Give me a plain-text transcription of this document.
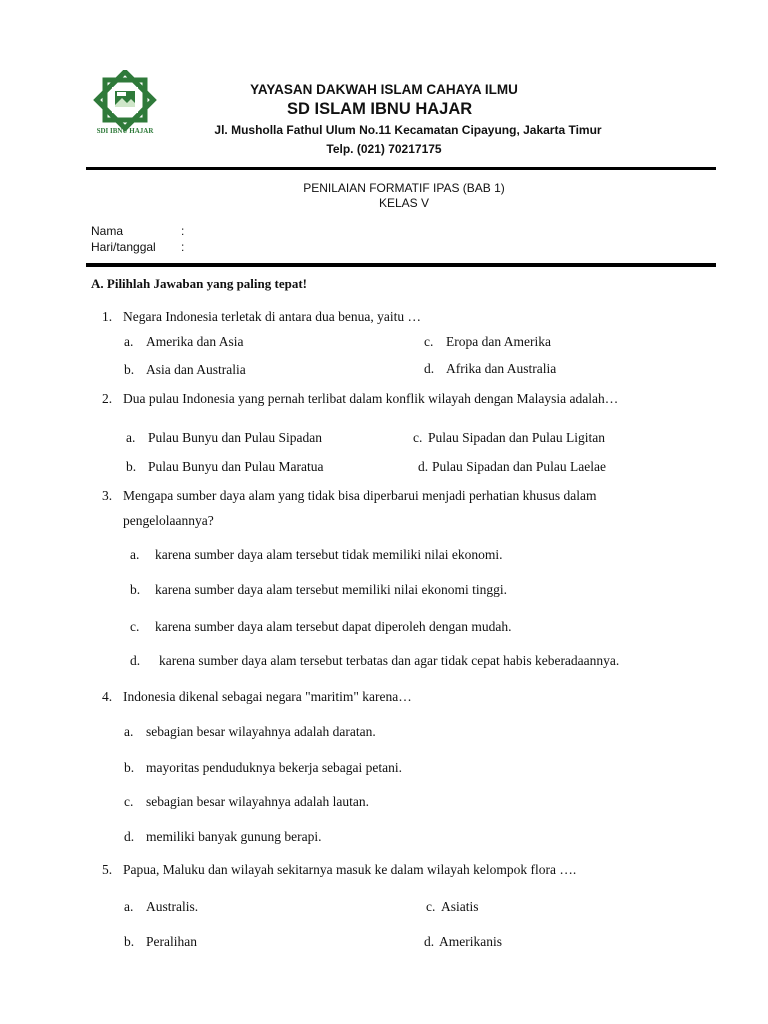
SDI IBNU HAJAR
YAYASAN DAKWAH ISLAM CAHAYA ILMU
SD ISLAM IBNU HAJAR
Jl. Musholla Fathul Ulum No.11 Kecamatan Cipayung, Jakarta Timur
Telp. (021) 70217175
PENILAIAN FORMATIF IPAS (BAB 1)
KELAS V
Nama	:
Hari/tanggal :
A. Pilihlah Jawaban yang paling tepat!
1. Negara Indonesia terletak di antara dua benua, yaitu …
a. Amerika dan Asia	c. Eropa dan Amerika
b. Asia dan Australia	d. Afrika dan Australia
2. Dua pulau Indonesia yang pernah terlibat dalam konflik wilayah dengan Malaysia adalah…
a. Pulau Bunyu dan Pulau Sipadan	c. Pulau Sipadan dan Pulau Ligitan
b. Pulau Bunyu dan Pulau Maratua	d. Pulau Sipadan dan Pulau Laelae
3. Mengapa sumber daya alam yang tidak bisa diperbarui menjadi perhatian khusus dalam
pengelolaannya?
a. karena sumber daya alam tersebut tidak memiliki nilai ekonomi.
b. karena sumber daya alam tersebut memiliki nilai ekonomi tinggi.
c. karena sumber daya alam tersebut dapat diperoleh dengan mudah.
d. karena sumber daya alam tersebut terbatas dan agar tidak cepat habis keberadaannya.
4. Indonesia dikenal sebagai negara "maritim" karena…
a. sebagian besar wilayahnya adalah daratan.
b. mayoritas penduduknya bekerja sebagai petani.
c. sebagian besar wilayahnya adalah lautan.
d. memiliki banyak gunung berapi.
5. Papua, Maluku dan wilayah sekitarnya masuk ke dalam wilayah kelompok flora ….
a. Australis.	c. Asiatis
b. Peralihan	d. Amerikanis
